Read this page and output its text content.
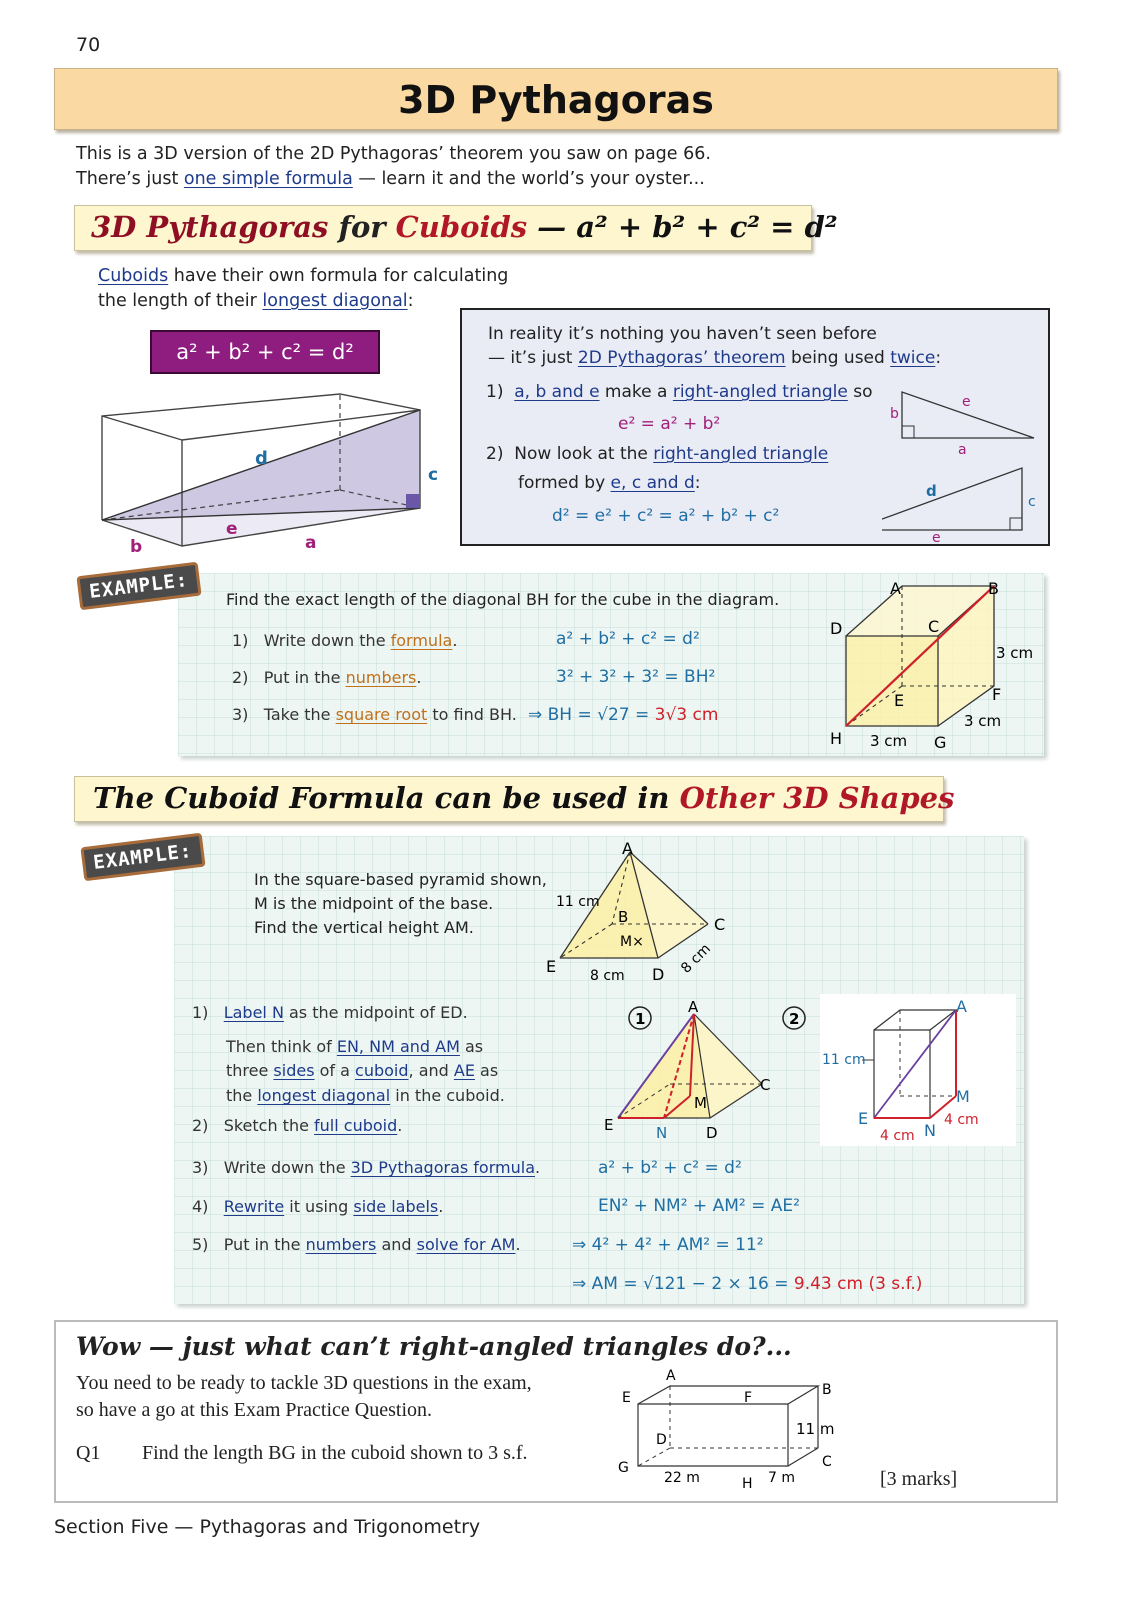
70
3D Pythagoras
This is a 3D version of the 2D Pythagoras’ theorem you saw on page 66.
There’s just one simple formula — learn it and the world’s your oyster...
3D Pythagoras for Cuboids — a² + b² + c² = d²
Cuboids have their own formula for calculating
the length of their longest diagonal:
a² + b² + c² = d²
d
c
e
a
b
In reality it’s nothing you haven’t seen before
— it’s just 2D Pythagoras’ theorem being used twice:
1) a, b and e make a right-angled triangle so
e² = a² + b²
2) Now look at the right-angled triangle
formed by e, c and d:
d² = e² + c² = a² + b² + c²
b
e
a
d
c
e
EXAMPLE:	Find the exact length of the diagonal BH for the cube in the diagram.
1) Write down the formula.	a² + b² + c² = d²
2) Put in the numbers.	3² + 3² + 3² = BH²
3) Take the square root to find BH. ⇒ BH = √27 = 3√3 cm
A	B
C
D
E	F
G
H
3 cm
3 cm
3 cm
The Cuboid Formula can be used in Other 3D Shapes
EXAMPLE:
In the square-based pyramid shown,
M is the midpoint of the base.
Find the vertical height AM.
A
B	C
D
E
M×
11 cm
8 cm	8 cm
1) Label N as the midpoint of ED.
Then think of EN, NM and AM as
three sides of a cuboid, and AE as
the longest diagonal in the cuboid.
2) Sketch the full cuboid.
3) Write down the 3D Pythagoras formula.	a² + b² + c² = d²
4) Rewrite it using side labels.	EN² + NM² + AM² = AE²
5) Put in the numbers and solve for AM.	⇒ 4² + 4² + AM² = 11²
⇒ AM = √121 − 2 × 16 = 9.43 cm (3 s.f.)
1
A
C
E	N	D
M
2
A
11 cm
M
E
N
4 cm
4 cm
Wow — just what can’t right-angled triangles do?...
You need to be ready to tackle 3D questions in the exam,
so have a go at this Exam Practice Question.
Q1 Find the length BG in the cuboid shown to 3 s.f.
[3 marks]
A
B
C
D
E	F
G
H
11 m
22 m	7 m
Section Five — Pythagoras and Trigonometry
